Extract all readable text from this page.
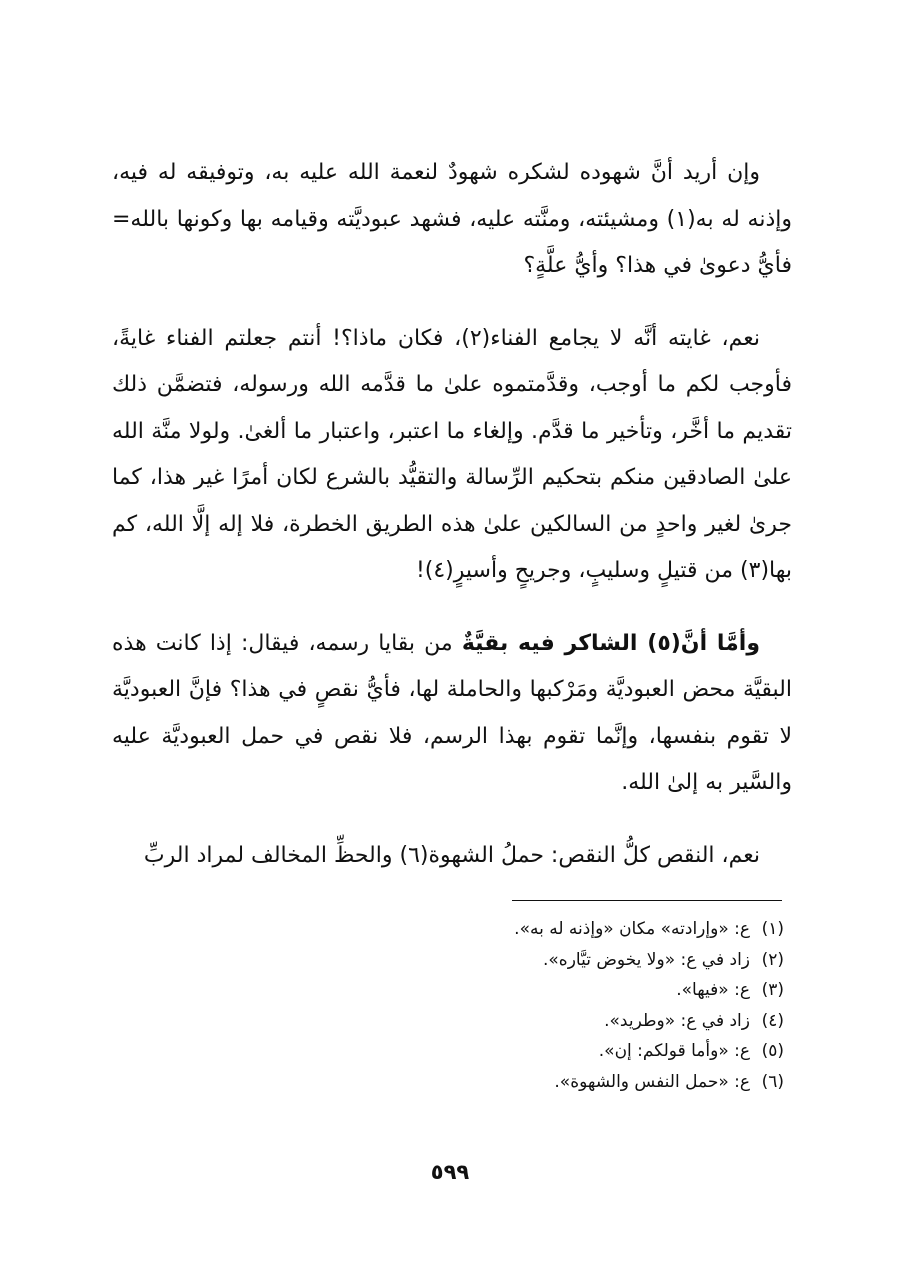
وإن أريد أنَّ شهوده لشكره شهودٌ لنعمة الله عليه به، وتوفيقه له فيه، وإذنه له به(١) ومشيئته، ومنَّته عليه، فشهد عبوديَّته وقيامه بها وكونها بالله= فأيُّ دعوىٰ في هذا؟ وأيُّ علَّةٍ؟

نعم، غايته أنَّه لا يجامع الفناء(٢)، فكان ماذا؟! أنتم جعلتم الفناء غايةً، فأوجب لكم ما أوجب، وقدَّمتموه علىٰ ما قدَّمه الله ورسوله، فتضمَّن ذلك تقديم ما أخَّر، وتأخير ما قدَّم. وإلغاء ما اعتبر، واعتبار ما ألغىٰ. ولولا منَّة الله علىٰ الصادقين منكم بتحكيم الرِّسالة والتقيُّد بالشرع لكان أمرًا غير هذا، كما جرىٰ لغير واحدٍ من السالكين علىٰ هذه الطريق الخطرة، فلا إله إلَّا الله، كم بها(٣) من قتيلٍ وسليبٍ، وجريحٍ وأسيرٍ(٤)!

وأمَّا أنَّ(٥) الشاكر فيه بقيَّةٌ من بقايا رسمه، فيقال: إذا كانت هذه البقيَّة محض العبوديَّة ومَرْكبها والحاملة لها، فأيُّ نقصٍ في هذا؟ فإنَّ العبوديَّة لا تقوم بنفسها، وإنَّما تقوم بهذا الرسم، فلا نقص في حمل العبوديَّة عليه والسَّير به إلىٰ الله.

نعم، النقص كلُّ النقص: حملُ الشهوة(٦) والحظِّ المخالف لمراد الربِّ

(١)ع: «وإرادته» مكان «وإذنه له به».
(٢)زاد في ع: «ولا يخوض تيَّاره».
(٣)ع: «فيها».
(٤)زاد في ع: «وطريد».
(٥)ع: «وأما قولكم: إن».
(٦)ع: «حمل النفس والشهوة».
٥٩٩
